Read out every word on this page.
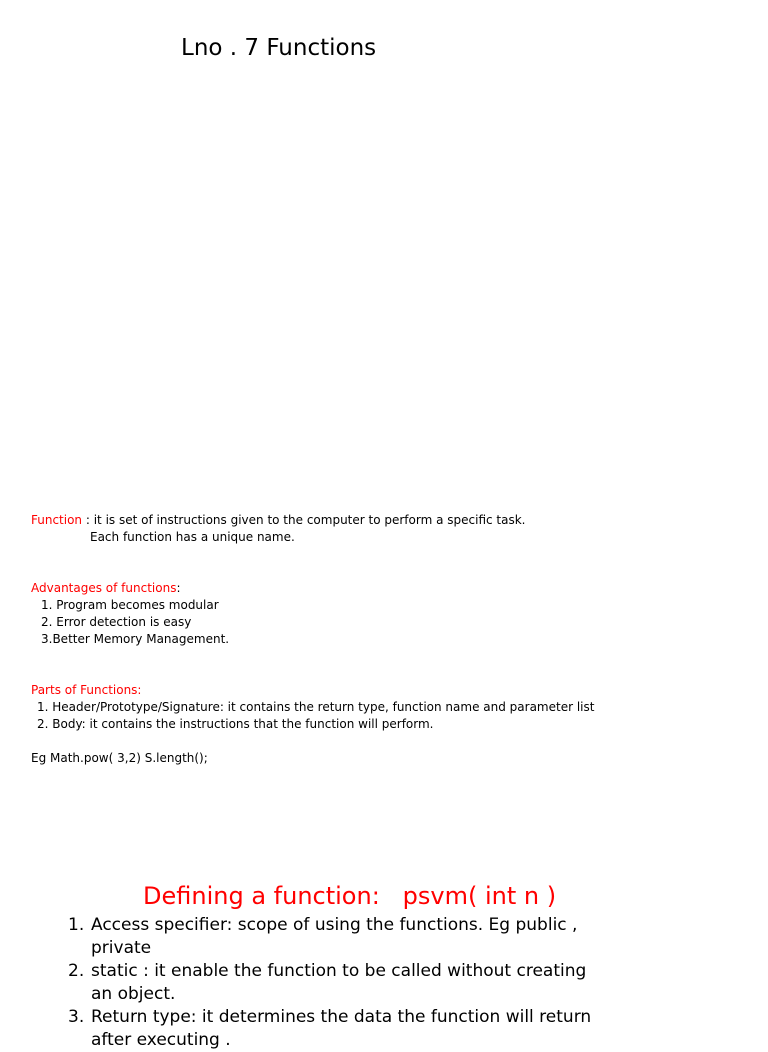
Lno . 7 Functions
Function : it is set of instructions given to the computer to perform a specific task.
Each function has a unique name.
Advantages of functions:
1. Program becomes modular
2. Error detection is easy
3.Better Memory Management.
Parts of Functions:
1. Header/Prototype/Signature: it contains the return type, function name and parameter list
2. Body: it contains the instructions that the function will perform.
Eg Math.pow( 3,2) S.length();
Defining a function:   psvm( int n )
1. Access specifier: scope of using the functions. Eg public , private
2. static : it enable the function to be called without creating an object.
3. Return type: it determines the data the function will return after executing .
